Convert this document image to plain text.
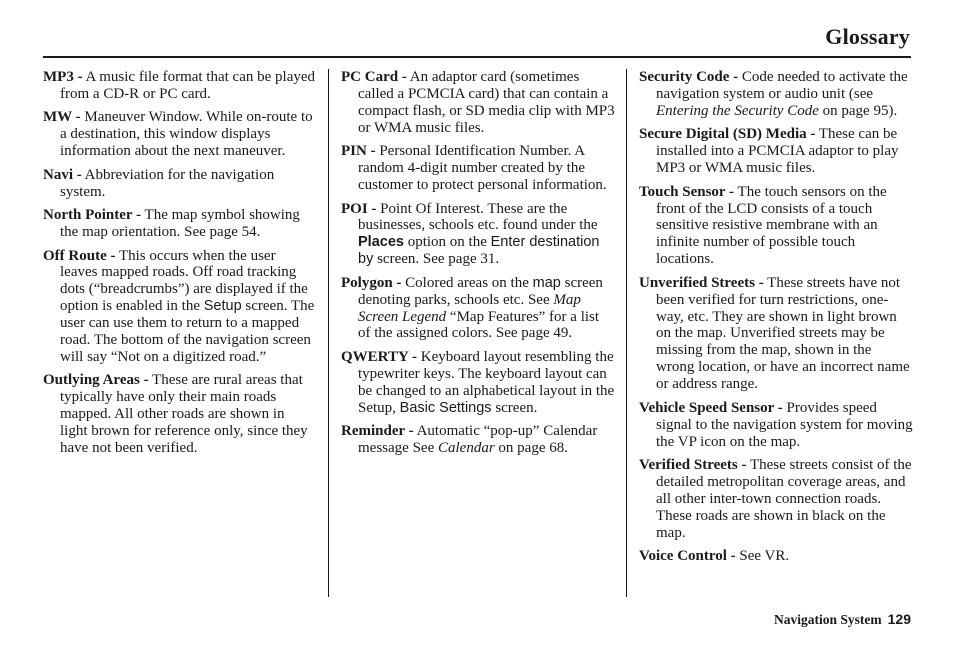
Glossary

MP3 - A music file format that can be played from a CD-R or PC card.

MW - Maneuver Window. While on-route to a destination, this window displays information about the next maneuver.

Navi - Abbreviation for the navigation system.

North Pointer - The map symbol showing the map orientation. See page 54.

Off Route - This occurs when the user leaves mapped roads. Off road tracking dots (“breadcrumbs”) are displayed if the option is enabled in the Setup screen. The user can use them to return to a mapped road. The bottom of the navigation screen will say “Not on a digitized road.”

Outlying Areas - These are rural areas that typically have only their main roads mapped. All other roads are shown in light brown for reference only, since they have not been verified.

PC Card - An adaptor card (sometimes called a PCMCIA card) that can contain a compact flash, or SD media clip with MP3 or WMA music files.

PIN - Personal Identification Number. A random 4-digit number created by the customer to protect personal information.

POI - Point Of Interest. These are the businesses, schools etc. found under the Places option on the Enter destination by screen. See page 31.

Polygon - Colored areas on the map screen denoting parks, schools etc. See Map Screen Legend “Map Features” for a list of the assigned colors. See page 49.

QWERTY - Keyboard layout resembling the typewriter keys. The keyboard layout can be changed to an alphabetical layout in the Setup, Basic Settings screen.

Reminder - Automatic “pop-up” Calendar message See Calendar on page 68.

Security Code - Code needed to activate the navigation system or audio unit (see Entering the Security Code on page 95).

Secure Digital (SD) Media - These can be installed into a PCMCIA adaptor to play MP3 or WMA music files.

Touch Sensor - The touch sensors on the front of the LCD consists of a touch sensitive resistive membrane with an infinite number of possible touch locations.

Unverified Streets - These streets have not been verified for turn restrictions, one-way, etc. They are shown in light brown on the map. Unverified streets may be missing from the map, shown in the wrong location, or have an incorrect name or address range.

Vehicle Speed Sensor - Provides speed signal to the navigation system for moving the VP icon on the map.

Verified Streets - These streets consist of the detailed metropolitan coverage areas, and all other inter-town connection roads. These roads are shown in black on the map.

Voice Control - See VR.

Navigation System 129
